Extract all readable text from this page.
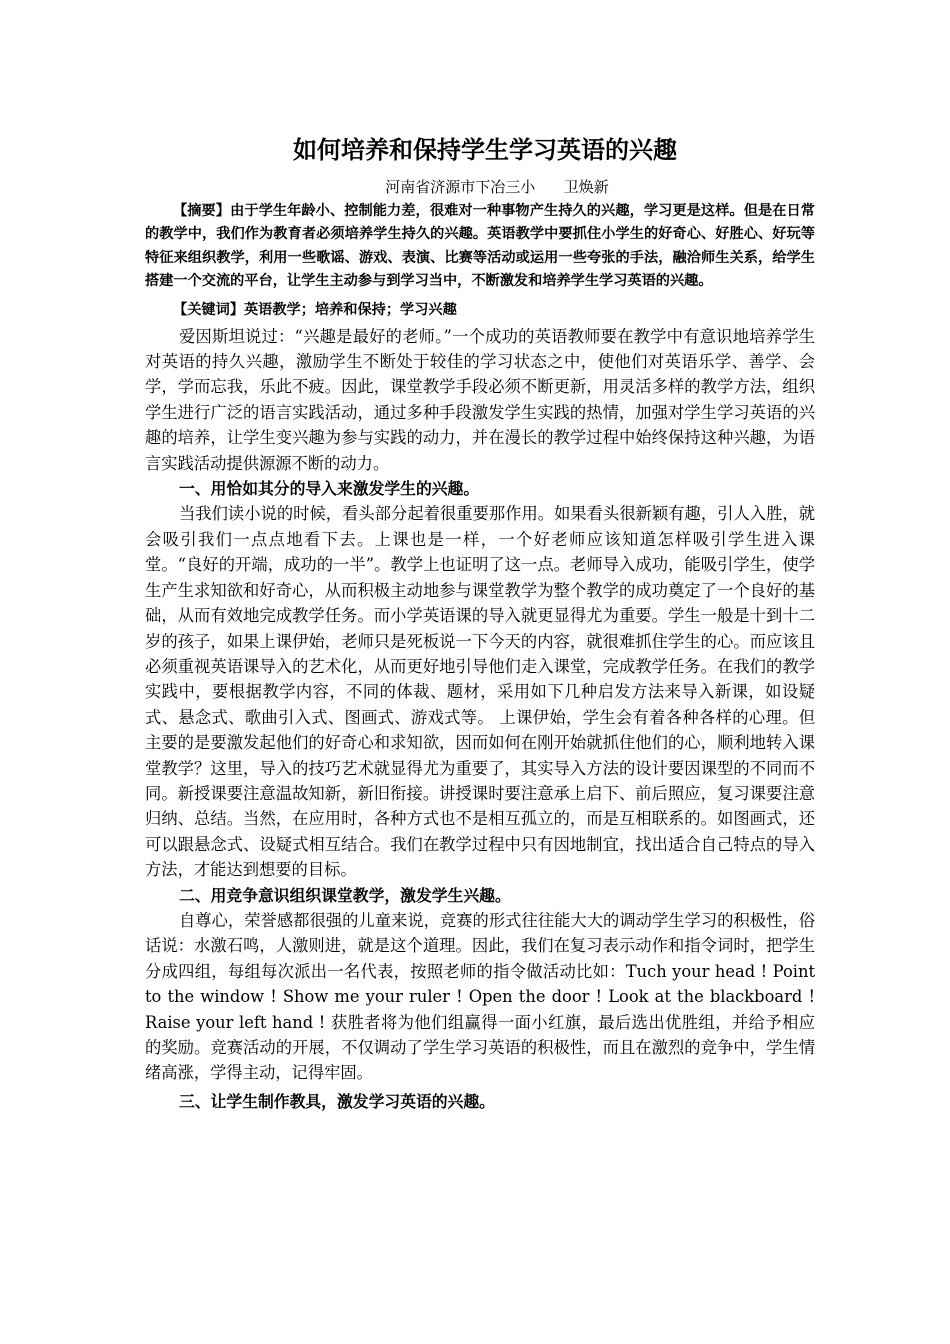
如何培养和保持学生学习英语的兴趣

河南省济源市下冶三小      卫焕新

【摘要】由于学生年龄小、控制能力差，很难对一种事物产生持久的兴趣，学习更是这样。但是在日常的教学中，我们作为教育者必须培养学生持久的兴趣。英语教学中要抓住小学生的好奇心、好胜心、好玩等特征来组织教学，利用一些歌谣、游戏、表演、比赛等活动或运用一些夸张的手法，融洽师生关系，给学生搭建一个交流的平台，让学生主动参与到学习当中，不断激发和培养学生学习英语的兴趣。

【关键词】英语教学；培养和保持；学习兴趣

爱因斯坦说过：“兴趣是最好的老师。”一个成功的英语教师要在教学中有意识地培养学生对英语的持久兴趣，激励学生不断处于较佳的学习状态之中，使他们对英语乐学、善学、会学，学而忘我，乐此不疲。因此，课堂教学手段必须不断更新，用灵活多样的教学方法，组织学生进行广泛的语言实践活动，通过多种手段激发学生实践的热情，加强对学生学习英语的兴趣的培养，让学生变兴趣为参与实践的动力，并在漫长的教学过程中始终保持这种兴趣，为语言实践活动提供源源不断的动力。

一、用恰如其分的导入来激发学生的兴趣。

当我们读小说的时候，看头部分起着很重要那作用。如果看头很新颖有趣，引人入胜，就会吸引我们一点点地看下去。上课也是一样，一个好老师应该知道怎样吸引学生进入课堂。“良好的开端，成功的一半”。教学上也证明了这一点。老师导入成功，能吸引学生，使学生产生求知欲和好奇心，从而积极主动地参与课堂教学为整个教学的成功奠定了一个良好的基础，从而有效地完成教学任务。而小学英语课的导入就更显得尤为重要。学生一般是十到十二岁的孩子，如果上课伊始，老师只是死板说一下今天的内容，就很难抓住学生的心。而应该且必须重视英语课导入的艺术化，从而更好地引导他们走入课堂，完成教学任务。在我们的教学实践中，要根据教学内容，不同的体裁、题材，采用如下几种启发方法来导入新课，如设疑式、悬念式、歌曲引入式、图画式、游戏式等。 上课伊始，学生会有着各种各样的心理。但主要的是要激发起他们的好奇心和求知欲，因而如何在刚开始就抓住他们的心，顺利地转入课堂教学？这里，导入的技巧艺术就显得尤为重要了，其实导入方法的设计要因课型的不同而不同。新授课要注意温故知新，新旧衔接。讲授课时要注意承上启下、前后照应，复习课要注意归纳、总结。当然，在应用时，各种方式也不是相互孤立的，而是互相联系的。如图画式，还可以跟悬念式、设疑式相互结合。我们在教学过程中只有因地制宜，找出适合自己特点的导入方法，才能达到想要的目标。

二、用竞争意识组织课堂教学，激发学生兴趣。

自尊心，荣誉感都很强的儿童来说，竞赛的形式往往能大大的调动学生学习的积极性，俗话说：水激石鸣，人激则进，就是这个道理。因此，我们在复习表示动作和指令词时，把学生分成四组，每组每次派出一名代表，按照老师的指令做活动比如：Tuch your head ! Point to the window ! Show me your ruler ! Open the door ! Look at the blackboard ! Raise your left hand ! 获胜者将为他们组赢得一面小红旗，最后选出优胜组，并给予相应的奖励。竞赛活动的开展，不仅调动了学生学习英语的积极性，而且在激烈的竞争中，学生情绪高涨，学得主动，记得牢固。

三、让学生制作教具，激发学习英语的兴趣。
